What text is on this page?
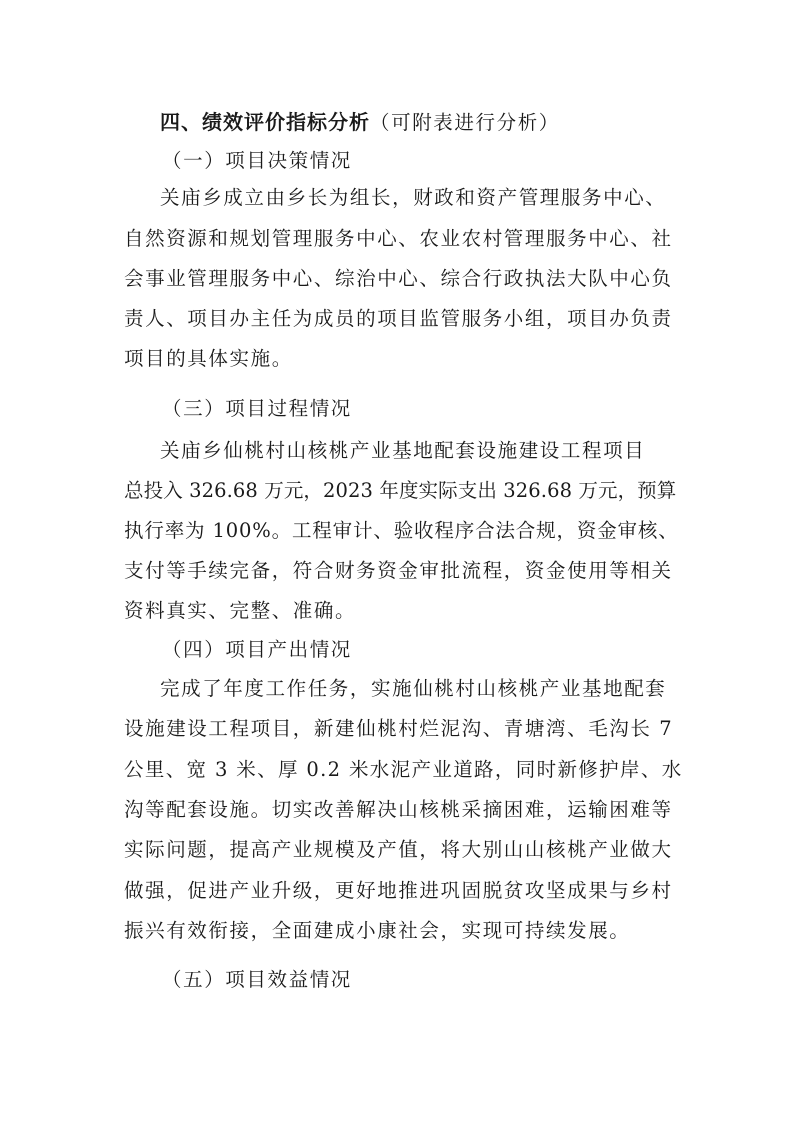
四、绩效评价指标分析（可附表进行分析）
（一）项目决策情况
关庙乡成立由乡长为组长，财政和资产管理服务中心、
自然资源和规划管理服务中心、农业农村管理服务中心、社
会事业管理服务中心、综治中心、综合行政执法大队中心负
责人、项目办主任为成员的项目监管服务小组，项目办负责
项目的具体实施。
（三）项目过程情况
关庙乡仙桃村山核桃产业基地配套设施建设工程项目
总投入 326.68 万元，2023 年度实际支出 326.68 万元，预算
执行率为 100%。工程审计、验收程序合法合规，资金审核、
支付等手续完备，符合财务资金审批流程，资金使用等相关
资料真实、完整、准确。
（四）项目产出情况
完成了年度工作任务，实施仙桃村山核桃产业基地配套
设施建设工程项目，新建仙桃村烂泥沟、青塘湾、毛沟长 7
公里、宽 3 米、厚 0.2 米水泥产业道路，同时新修护岸、水
沟等配套设施。切实改善解决山核桃采摘困难，运输困难等
实际问题，提高产业规模及产值，将大别山山核桃产业做大
做强，促进产业升级，更好地推进巩固脱贫攻坚成果与乡村
振兴有效衔接，全面建成小康社会，实现可持续发展。
（五）项目效益情况
